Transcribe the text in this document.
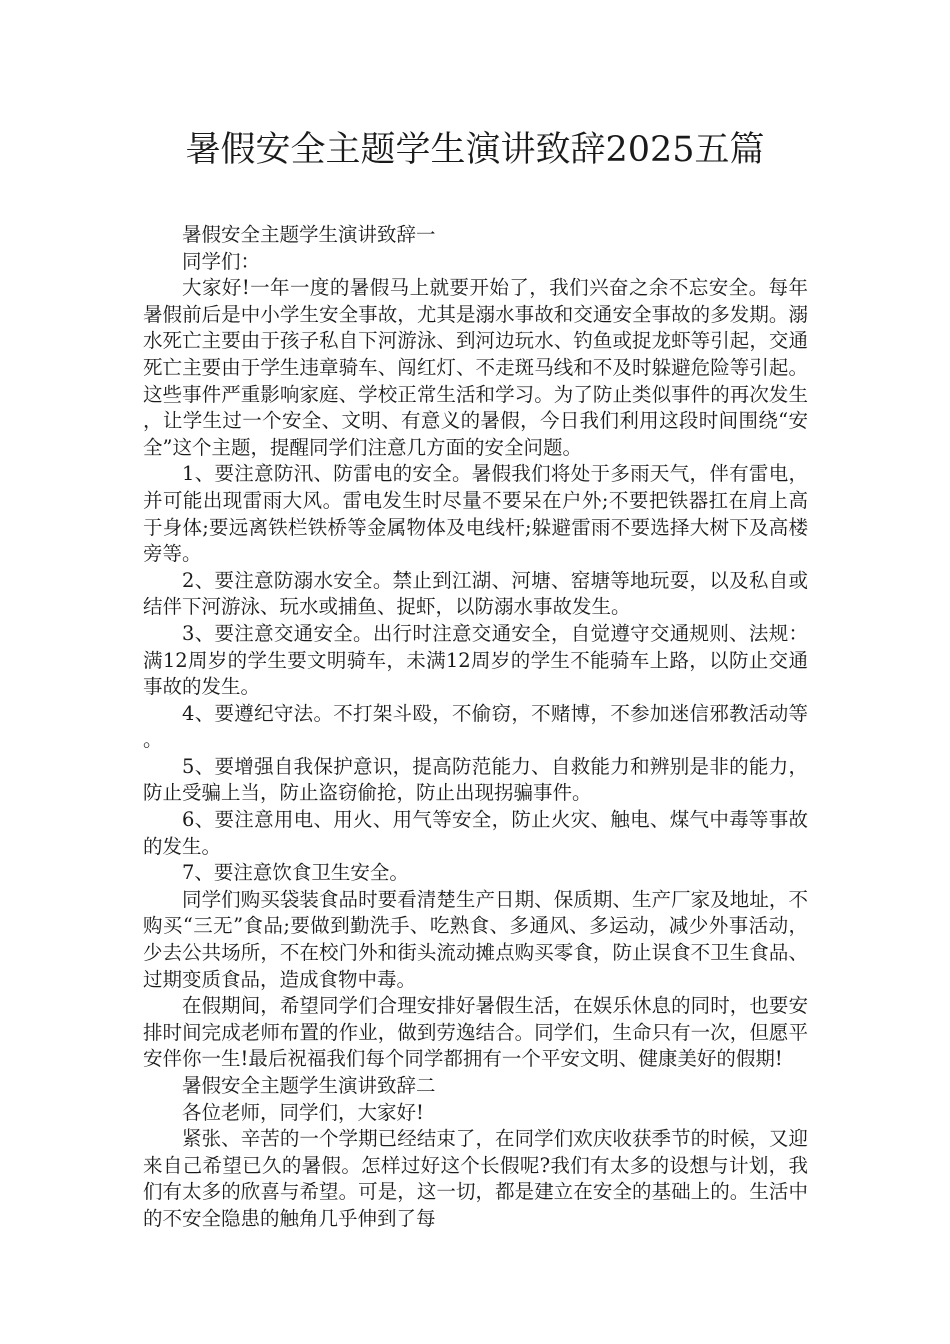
暑假安全主题学生演讲致辞2025五篇

暑假安全主题学生演讲致辞一

同学们：

大家好!一年一度的暑假马上就要开始了，我们兴奋之余不忘安全。每年暑假前后是中小学生安全事故，尤其是溺水事故和交通安全事故的多发期。溺水死亡主要由于孩子私自下河游泳、到河边玩水、钓鱼或捉龙虾等引起，交通死亡主要由于学生违章骑车、闯红灯、不走斑马线和不及时躲避危险等引起。这些事件严重影响家庭、学校正常生活和学习。为了防止类似事件的再次发生，让学生过一个安全、文明、有意义的暑假，今日我们利用这段时间围绕“安全”这个主题，提醒同学们注意几方面的安全问题。

1、要注意防汛、防雷电的安全。暑假我们将处于多雨天气，伴有雷电，并可能出现雷雨大风。雷电发生时尽量不要呆在户外;不要把铁器扛在肩上高于身体;要远离铁栏铁桥等金属物体及电线杆;躲避雷雨不要选择大树下及高楼旁等。

2、要注意防溺水安全。禁止到江湖、河塘、窑塘等地玩耍，以及私自或结伴下河游泳、玩水或捕鱼、捉虾，以防溺水事故发生。

3、要注意交通安全。出行时注意交通安全，自觉遵守交通规则、法规：满12周岁的学生要文明骑车，未满12周岁的学生不能骑车上路，以防止交通事故的发生。

4、要遵纪守法。不打架斗殴，不偷窃，不赌博，不参加迷信邪教活动等。

5、要增强自我保护意识，提高防范能力、自救能力和辨别是非的能力，防止受骗上当，防止盗窃偷抢，防止出现拐骗事件。

6、要注意用电、用火、用气等安全，防止火灾、触电、煤气中毒等事故的发生。

7、要注意饮食卫生安全。

同学们购买袋装食品时要看清楚生产日期、保质期、生产厂家及地址，不购买“三无”食品;要做到勤洗手、吃熟食、多通风、多运动，减少外事活动，少去公共场所，不在校门外和街头流动摊点购买零食，防止误食不卫生食品、过期变质食品，造成食物中毒。

在假期间，希望同学们合理安排好暑假生活，在娱乐休息的同时，也要安排时间完成老师布置的作业，做到劳逸结合。同学们，生命只有一次，但愿平安伴你一生!最后祝福我们每个同学都拥有一个平安文明、健康美好的假期!

暑假安全主题学生演讲致辞二

各位老师，同学们，大家好!

紧张、辛苦的一个学期已经结束了，在同学们欢庆收获季节的时候，又迎来自己希望已久的暑假。怎样过好这个长假呢?我们有太多的设想与计划，我们有太多的欣喜与希望。可是，这一切，都是建立在安全的基础上的。生活中的不安全隐患的触角几乎伸到了每
